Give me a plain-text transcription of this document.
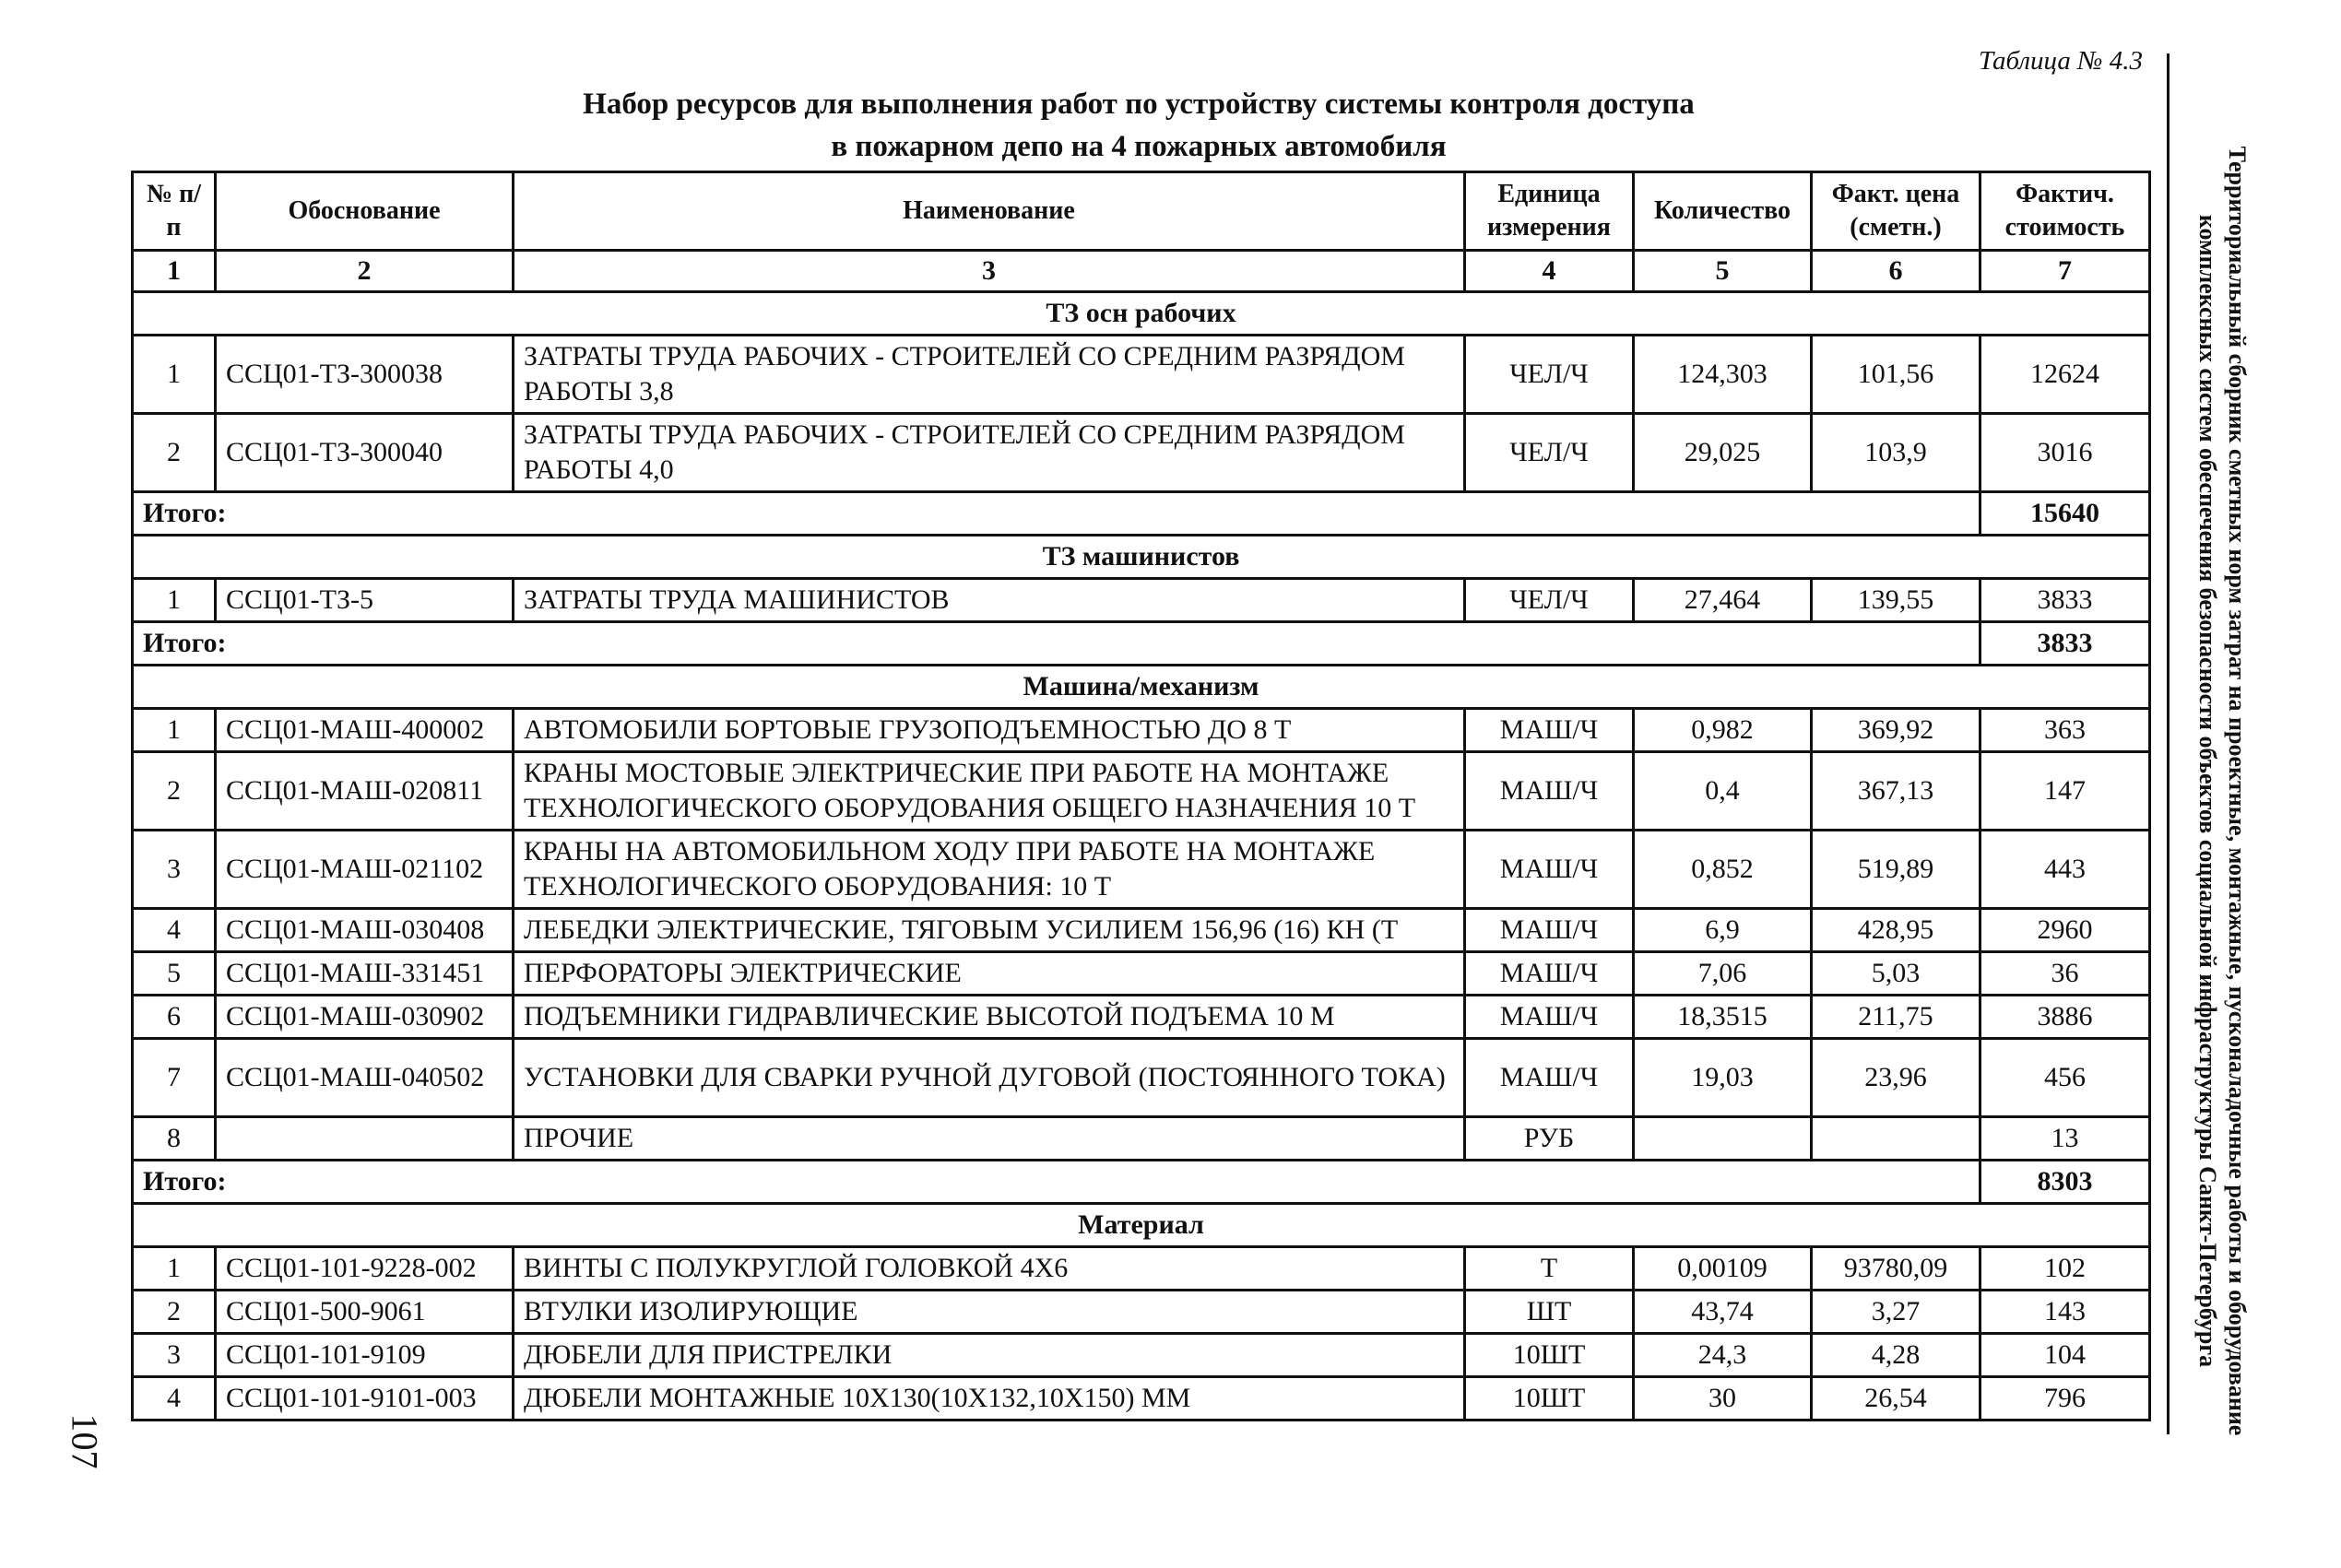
Таблица № 4.3
Набор ресурсов для выполнения работ по устройству системы контроля доступа
в пожарном депо на 4 пожарных автомобиля	Территориальный сборник сметных норм затрат на проектные, монтажные, пусконаладочные работы и оборудование
комплексных систем обеспечения безопасности объектов социальной инфраструктуры Санкт-Петербурга
107
№ п/п	Обоснование	Наименование	Единица измерения	Количество	Факт. цена (сметн.)	Фактич. стоимость
1	2	3	4	5	6	7
ТЗ осн рабочих						
1	ССЦ01-ТЗ-300038	ЗАТРАТЫ ТРУДА РАБОЧИХ - СТРОИТЕЛЕЙ СО СРЕДНИМ РАЗРЯДОМ РАБОТЫ 3,8	ЧЕЛ/Ч	124,303	101,56	12624
2	ССЦ01-ТЗ-300040	ЗАТРАТЫ ТРУДА РАБОЧИХ - СТРОИТЕЛЕЙ СО СРЕДНИМ РАЗРЯДОМ РАБОТЫ 4,0	ЧЕЛ/Ч	29,025	103,9	3016
Итого:						15640
ТЗ машинистов						
1	ССЦ01-ТЗ-5	ЗАТРАТЫ ТРУДА МАШИНИСТОВ	ЧЕЛ/Ч	27,464	139,55	3833
Итого:						3833
Машина/механизм						
1	ССЦ01-МАШ-400002	АВТОМОБИЛИ БОРТОВЫЕ ГРУЗОПОДЪЕМНОСТЬЮ ДО 8 Т	МАШ/Ч	0,982	369,92	363
2	ССЦ01-МАШ-020811	КРАНЫ МОСТОВЫЕ ЭЛЕКТРИЧЕСКИЕ ПРИ РАБОТЕ НА МОНТАЖЕ ТЕХНОЛОГИЧЕСКОГО ОБОРУДОВАНИЯ ОБЩЕГО НАЗНАЧЕНИЯ 10 Т	МАШ/Ч	0,4	367,13	147
3	ССЦ01-МАШ-021102	КРАНЫ НА АВТОМОБИЛЬНОМ ХОДУ ПРИ РАБОТЕ НА МОНТАЖЕ ТЕХНОЛОГИЧЕСКОГО ОБОРУДОВАНИЯ: 10 Т	МАШ/Ч	0,852	519,89	443
4	ССЦ01-МАШ-030408	ЛЕБЕДКИ ЭЛЕКТРИЧЕСКИЕ, ТЯГОВЫМ УСИЛИЕМ 156,96 (16) КН (Т	МАШ/Ч	6,9	428,95	2960
5	ССЦ01-МАШ-331451	ПЕРФОРАТОРЫ ЭЛЕКТРИЧЕСКИЕ	МАШ/Ч	7,06	5,03	36
6	ССЦ01-МАШ-030902	ПОДЪЕМНИКИ ГИДРАВЛИЧЕСКИЕ ВЫСОТОЙ ПОДЪЕМА 10 М	МАШ/Ч	18,3515	211,75	3886
7	ССЦ01-МАШ-040502	УСТАНОВКИ ДЛЯ СВАРКИ РУЧНОЙ ДУГОВОЙ (ПОСТОЯННОГО ТОКА)	МАШ/Ч	19,03	23,96	456
8		ПРОЧИЕ	РУБ			13
Итого:						8303
Материал						
1	ССЦ01-101-9228-002	ВИНТЫ С ПОЛУКРУГЛОЙ ГОЛОВКОЙ 4Х6	Т	0,00109	93780,09	102
2	ССЦ01-500-9061	ВТУЛКИ ИЗОЛИРУЮЩИЕ	ШТ	43,74	3,27	143
3	ССЦ01-101-9109	ДЮБЕЛИ ДЛЯ ПРИСТРЕЛКИ	10ШТ	24,3	4,28	104
4	ССЦ01-101-9101-003	ДЮБЕЛИ МОНТАЖНЫЕ 10Х130(10Х132,10Х150) ММ	10ШТ	30	26,54	796
